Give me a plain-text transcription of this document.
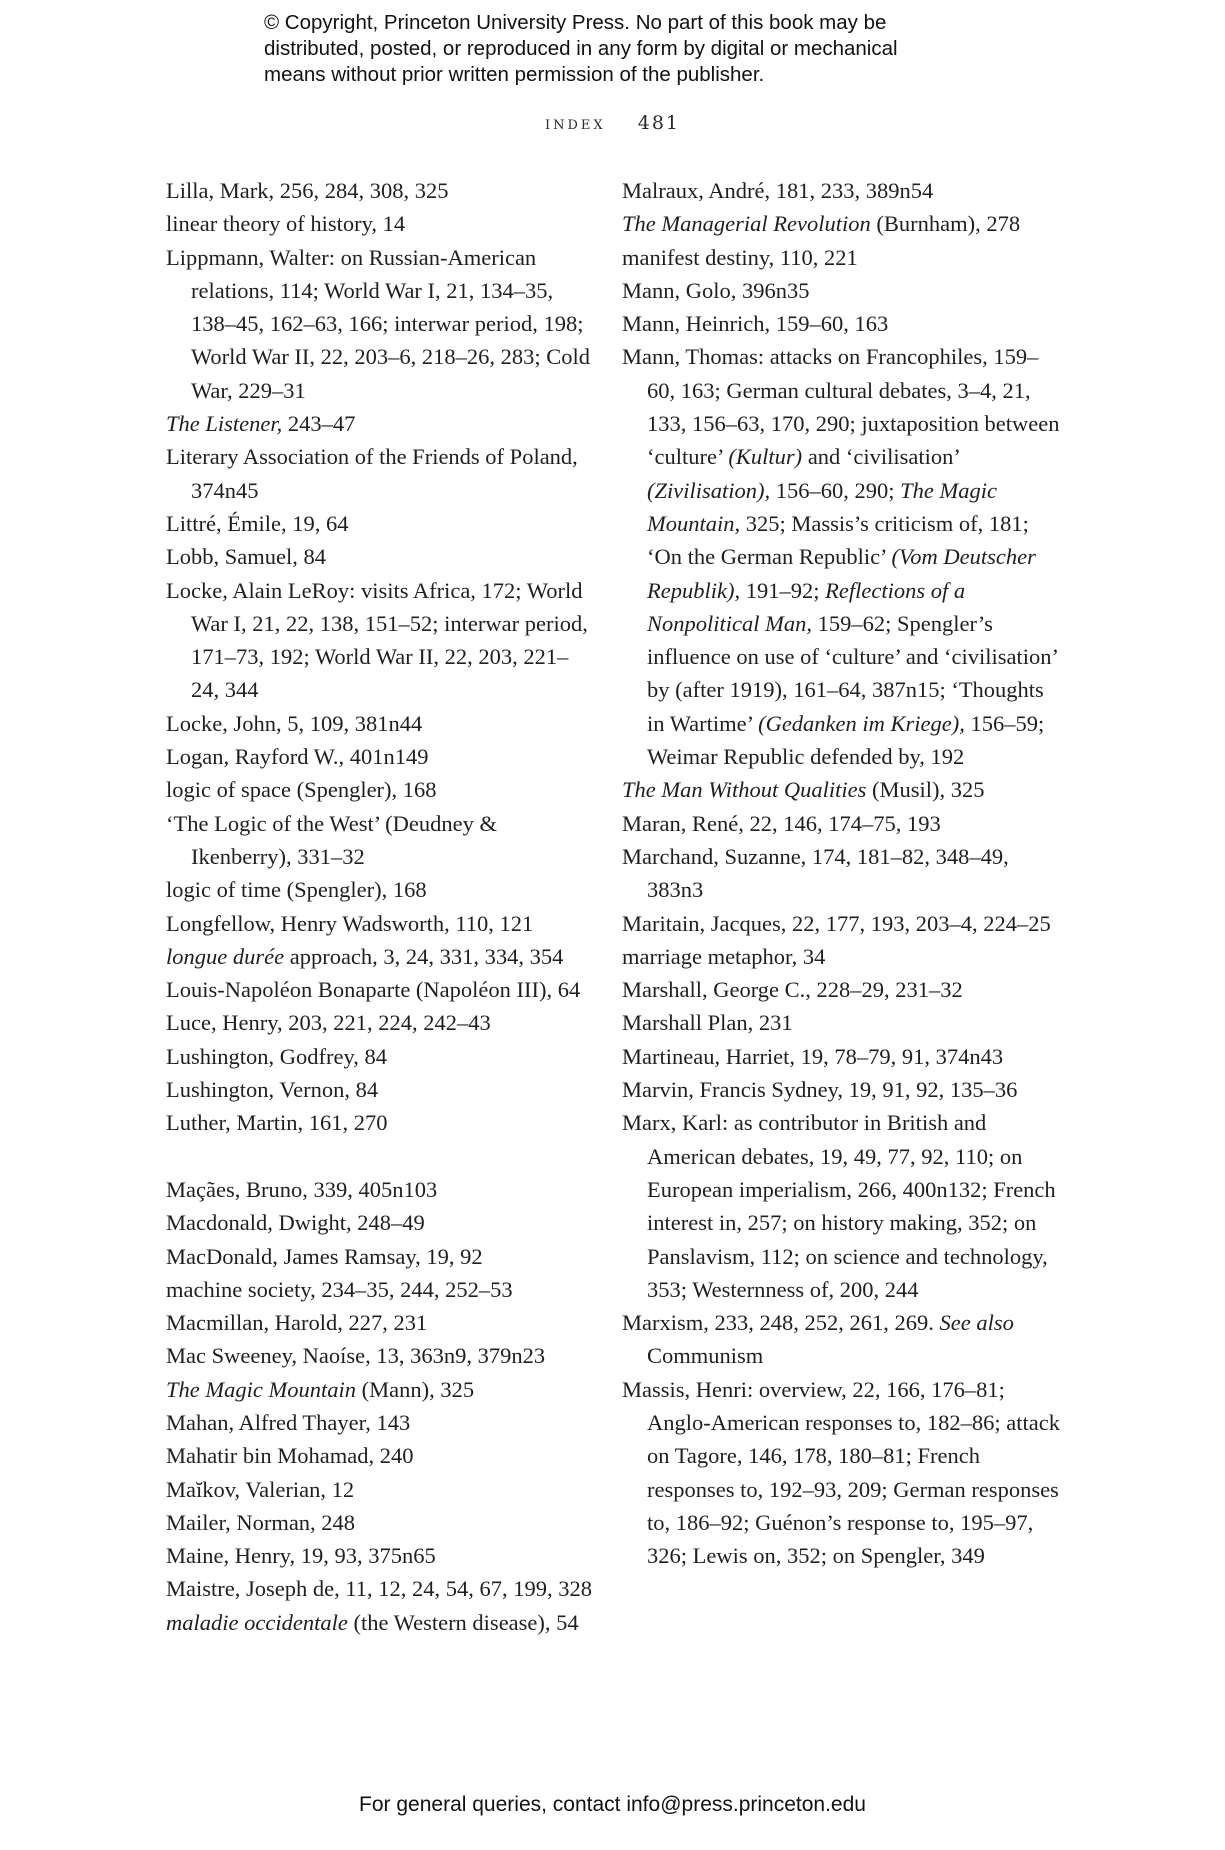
© Copyright, Princeton University Press. No part of this book may be
distributed, posted, or reproduced in any form by digital or mechanical
means without prior written permission of the publisher.
index 481
Lilla, Mark, 256, 284, 308, 325
linear theory of history, 14
Lippmann, Walter: on Russian-American relations, 114; World War I, 21, 134–35, 138–45, 162–63, 166; interwar period, 198; World War II, 22, 203–6, 218–26, 283; Cold War, 229–31
The Listener, 243–47
Literary Association of the Friends of Poland, 374n45
Littré, Émile, 19, 64
Lobb, Samuel, 84
Locke, Alain LeRoy: visits Africa, 172; World War I, 21, 22, 138, 151–52; interwar period, 171–73, 192; World War II, 22, 203, 221–24, 344
Locke, John, 5, 109, 381n44
Logan, Rayford W., 401n149
logic of space (Spengler), 168
‘The Logic of the West’ (Deudney & Ikenberry), 331–32
logic of time (Spengler), 168
Longfellow, Henry Wadsworth, 110, 121
longue durée approach, 3, 24, 331, 334, 354
Louis-Napoléon Bonaparte (Napoléon III), 64
Luce, Henry, 203, 221, 224, 242–43
Lushington, Godfrey, 84
Lushington, Vernon, 84
Luther, Martin, 161, 270
Maçães, Bruno, 339, 405n103
Macdonald, Dwight, 248–49
MacDonald, James Ramsay, 19, 92
machine society, 234–35, 244, 252–53
Macmillan, Harold, 227, 231
Mac Sweeney, Naoíse, 13, 363n9, 379n23
The Magic Mountain (Mann), 325
Mahan, Alfred Thayer, 143
Mahatir bin Mohamad, 240
Maĭkov, Valerian, 12
Mailer, Norman, 248
Maine, Henry, 19, 93, 375n65
Maistre, Joseph de, 11, 12, 24, 54, 67, 199, 328
maladie occidentale (the Western disease), 54
Malraux, André, 181, 233, 389n54
The Managerial Revolution (Burnham), 278
manifest destiny, 110, 221
Mann, Golo, 396n35
Mann, Heinrich, 159–60, 163
Mann, Thomas: attacks on Francophiles, 159–60, 163; German cultural debates, 3–4, 21, 133, 156–63, 170, 290; juxtaposition between ‘culture’ (Kultur) and ‘civilisation’ (Zivilisation), 156–60, 290; The Magic Mountain, 325; Massis’s criticism of, 181; ‘On the German Republic’ (Vom Deutscher Republik), 191–92; Reflections of a Nonpolitical Man, 159–62; Spengler’s influence on use of ‘culture’ and ‘civilisation’ by (after 1919), 161–64, 387n15; ‘Thoughts in Wartime’ (Gedanken im Kriege), 156–59; Weimar Republic defended by, 192
The Man Without Qualities (Musil), 325
Maran, René, 22, 146, 174–75, 193
Marchand, Suzanne, 174, 181–82, 348–49, 383n3
Maritain, Jacques, 22, 177, 193, 203–4, 224–25
marriage metaphor, 34
Marshall, George C., 228–29, 231–32
Marshall Plan, 231
Martineau, Harriet, 19, 78–79, 91, 374n43
Marvin, Francis Sydney, 19, 91, 92, 135–36
Marx, Karl: as contributor in British and American debates, 19, 49, 77, 92, 110; on European imperialism, 266, 400n132; French interest in, 257; on history making, 352; on Panslavism, 112; on science and technology, 353; Westernness of, 200, 244
Marxism, 233, 248, 252, 261, 269. See also Communism
Massis, Henri: overview, 22, 166, 176–81; Anglo-American responses to, 182–86; attack on Tagore, 146, 178, 180–81; French responses to, 192–93, 209; German responses to, 186–92; Guénon’s response to, 195–97, 326; Lewis on, 352; on Spengler, 349
For general queries, contact info@press.princeton.edu
